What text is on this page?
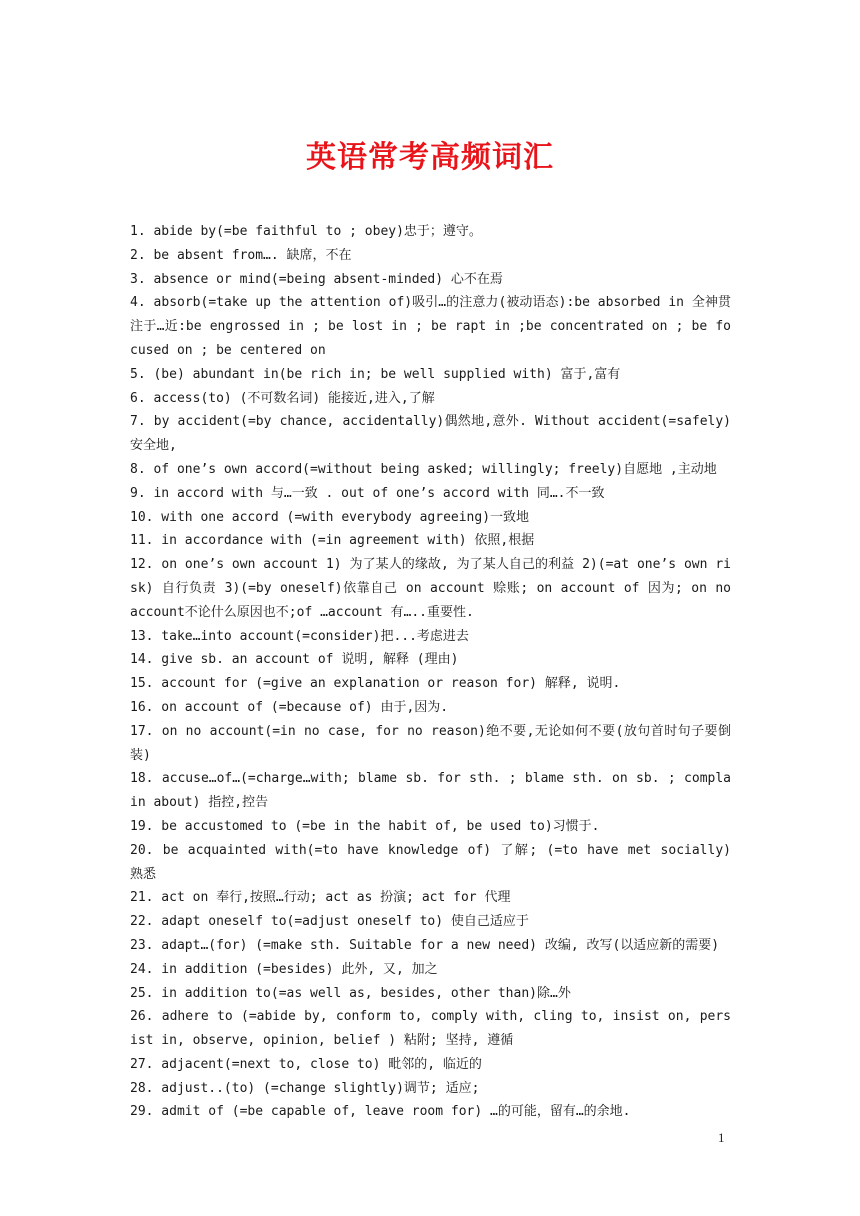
英语常考高频词汇
1. abide by(=be faithful to ; obey)忠于；遵守。
2. be absent from…. 缺席，不在
3. absence or mind(=being absent-minded) 心不在焉
4. absorb(=take up the attention of)吸引…的注意力(被动语态):be absorbed in 全神贯注于…近:be engrossed in ; be lost in ; be rapt in ;be concentrated on ; be focused on ; be centered on
5. (be) abundant in(be rich in; be well supplied with) 富于,富有
6. access(to) (不可数名词) 能接近,进入,了解
7. by accident(=by chance, accidentally)偶然地,意外. Without accident(=safely) 安全地,
8. of one’s own accord(=without being asked; willingly; freely)自愿地 ,主动地
9. in accord with 与…一致 . out of one’s accord with 同….不一致
10. with one accord (=with everybody agreeing)一致地
11. in accordance with (=in agreement with) 依照,根据
12. on one’s own account 1) 为了某人的缘故, 为了某人自己的利益 2)(=at one’s own risk) 自行负责 3)(=by oneself)依靠自己 on account 赊账; on account of 因为; on no account不论什么原因也不;of …account 有…..重要性.
13. take…into account(=consider)把...考虑进去
14. give sb. an account of 说明, 解释 (理由)
15. account for (=give an explanation or reason for) 解释, 说明.
16. on account of (=because of) 由于,因为.
17. on no account(=in no case, for no reason)绝不要,无论如何不要(放句首时句子要倒装)
18. accuse…of…(=charge…with; blame sb. for sth. ; blame sth. on sb. ; complain about) 指控,控告
19. be accustomed to (=be in the habit of, be used to)习惯于.
20. be acquainted with(=to have knowledge of) 了解; (=to have met socially) 熟悉
21. act on 奉行,按照…行动; act as 扮演; act for 代理
22. adapt oneself to(=adjust oneself to) 使自己适应于
23. adapt…(for) (=make sth. Suitable for a new need) 改编, 改写(以适应新的需要)
24. in addition (=besides) 此外, 又, 加之
25. in addition to(=as well as, besides, other than)除…外
26. adhere to (=abide by, conform to, comply with, cling to, insist on, persist in, observe, opinion, belief ) 粘附; 坚持, 遵循
27. adjacent(=next to, close to) 毗邻的, 临近的
28. adjust..(to) (=change slightly)调节; 适应;
29. admit of (=be capable of, leave room for) …的可能，留有…的余地.
1
